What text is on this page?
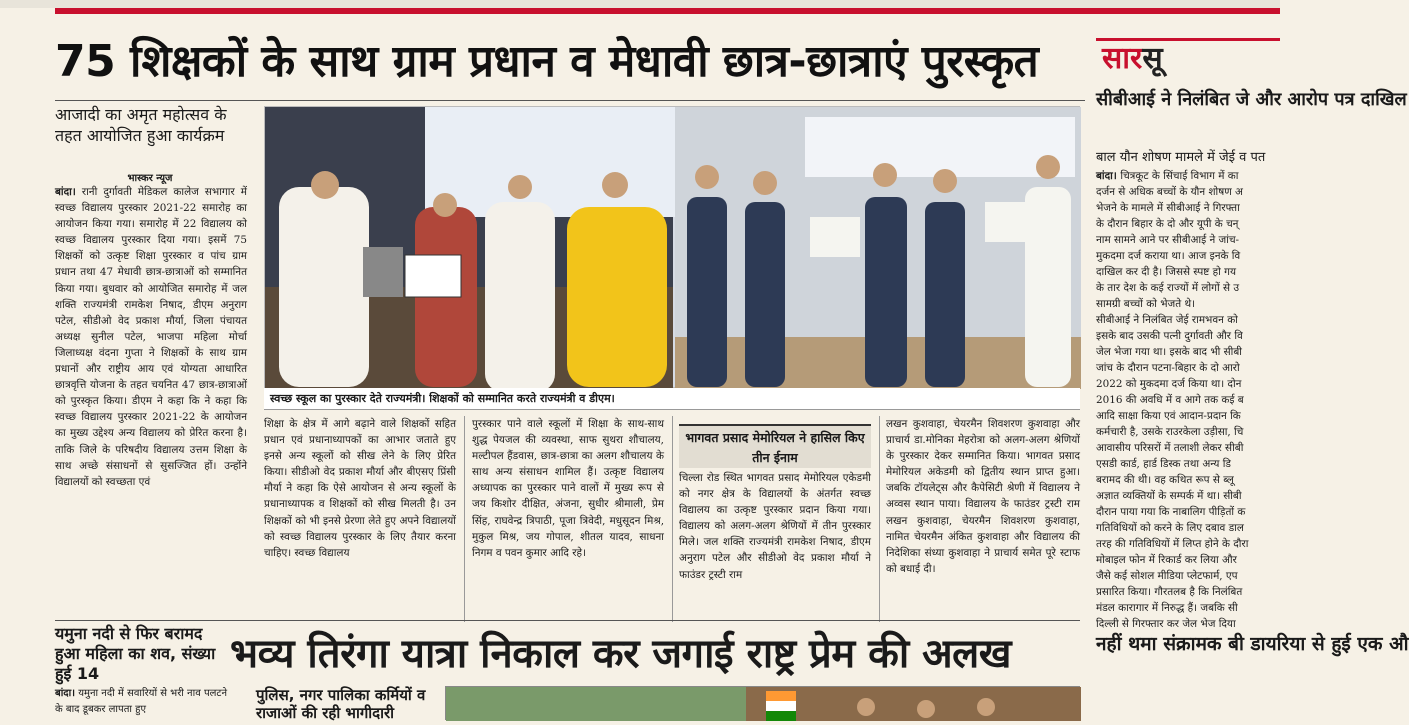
75 शिक्षकों के साथ ग्राम प्रधान व मेधावी छात्र-छात्राएं पुरस्कृत
आजादी का अमृत महोत्सव के तहत आयोजित हुआ कार्यक्रम
भास्कर न्यूज
बांदा। रानी दुर्गावती मेडिकल कालेज सभागार में स्वच्छ विद्यालय पुरस्कार 2021-22 समारोह का आयोजन किया गया। समारोह में 22 विद्यालय को स्वच्छ विद्यालय पुरस्कार दिया गया। इसमें 75 शिक्षकों को उत्कृष्ट शिक्षा पुरस्कार व पांच ग्राम प्रधान तथा 47 मेधावी छात्र-छात्राओं को सम्मानित किया गया। बुधवार को आयोजित समारोह में जल शक्ति राज्यमंत्री रामकेश निषाद, डीएम अनुराग पटेल, सीडीओ वेद प्रकाश मौर्या, जिला पंचायत अध्यक्ष सुनील पटेल, भाजपा महिला मोर्चा जिलाध्यक्ष वंदना गुप्ता ने शिक्षकों के साथ ग्राम प्रधानों और राष्ट्रीय आय एवं योग्यता आधारित छात्रवृत्ति योजना के तहत चयनित 47 छात्र-छात्राओं को पुरस्कृत किया। डीएम ने कहा कि ने कहा कि स्वच्छ विद्यालय पुरस्कार 2021-22 के आयोजन का मुख्य उद्देश्य अन्य विद्यालय को प्रेरित करना है। ताकि जिले के परिषदीय विद्यालय उत्तम शिक्षा के साथ अच्छे संसाधनों से सुसज्जित हों। उन्होंने विद्यालयों को स्वच्छता एवं
स्वच्छ स्कूल का पुरस्कार देते राज्यमंत्री। शिक्षकों को सम्मानित करते राज्यमंत्री व डीएम।
शिक्षा के क्षेत्र में आगे बढ़ाने वाले शिक्षकों सहित प्रधान एवं प्रधानाध्यापकों का आभार जताते हुए इनसे अन्य स्कूलों को सीख लेने के लिए प्रेरित किया। सीडीओ वेद प्रकाश मौर्या और बीएसए प्रिंसी मौर्या ने कहा कि ऐसे आयोजन से अन्य स्कूलों के प्रधानाध्यापक व शिक्षकों को सीख मिलती है। उन शिक्षकों को भी इनसे प्रेरणा लेते हुए अपने विद्यालयों को स्वच्छ विद्यालय पुरस्कार के लिए तैयार करना चाहिए। स्वच्छ विद्यालय
पुरस्कार पाने वाले स्कूलों में शिक्षा के साथ-साथ शुद्ध पेयजल की व्यवस्था, साफ सुथरा शौचालय, मल्टीपल हैंडवास, छात्र-छात्रा का अलग शौचालय के साथ अन्य संसाधन शामिल हैं। उत्कृष्ट विद्यालय अध्यापक का पुरस्कार पाने वालों में मुख्य रूप से जय किशोर दीक्षित, अंजना, सुधीर श्रीमाली, प्रेम सिंह, राघवेन्द्र त्रिपाठी, पूजा त्रिवेदी, मधुसूदन मिश्र, मुकुल मिश्र, जय गोपाल, शीतल यादव, साधना निगम व पवन कुमार आदि रहे।
भागवत प्रसाद मेमोरियल ने हासिल किए तीन ईनाम
चिल्ला रोड स्थित भागवत प्रसाद मेमोरियल एकेडमी को नगर क्षेत्र के विद्यालयों के अंतर्गत स्वच्छ विद्यालय का उत्कृष्ट पुरस्कार प्रदान किया गया। विद्यालय को अलग-अलग श्रेणियों में तीन पुरस्कार मिले। जल शक्ति राज्यमंत्री रामकेश निषाद, डीएम अनुराग पटेल और सीडीओ वेद प्रकाश मौर्या ने फाउंडर ट्रस्टी राम
लखन कुशवाहा, चेयरमैन शिवशरण कुशवाहा और प्राचार्य डा.मोनिका मेहरोत्रा को अलग-अलग श्रेणियों के पुरस्कार देकर सम्मानित किया। भागवत प्रसाद मेमोरियल अकेडमी को द्वितीय स्थान प्राप्त हुआ। जबकि टॉयलेट्स और कैपेसिटी श्रेणी में विद्यालय ने अव्वस स्थान पाया। विद्यालय के फाउंडर ट्रस्टी राम लखन कुशवाहा, चेयरमैन शिवशरण कुशवाहा, नामित चेयरमैन अंकित कुशवाहा और विद्यालय की निदेशिका संध्या कुशवाहा ने प्राचार्य समेत पूरे स्टाफ को बधाई दी।
यमुना नदी से फिर बरामद हुआ महिला का शव, संख्या हुई 14
बांदा। यमुना नदी में सवारियों से भरी नाव पलटने के बाद डूबकर लापता हुए
भव्य तिरंगा यात्रा निकाल कर जगाई राष्ट्र प्रेम की अलख
पुलिस, नगर पालिका कर्मियों व राजाओं की रही भागीदारी
सारसू
सीबीआई ने निलंबित जे और आरोप पत्र दाखिल
बाल यौन शोषण मामले में जेई व पत
बांदा। चित्रकूट के सिंचाई विभाग में का
दर्जन से अधिक बच्चों के यौन शोषण अ
भेजने के मामले में सीबीआई ने गिरफ्ता
के दौरान बिहार के दो और यूपी के चन्
नाम सामने आने पर सीबीआई ने जांच-
मुकदमा दर्ज कराया था। आज इनके वि
दाखिल कर दी है। जिससे स्पष्ट हो गय
के तार देश के कई राज्यों में लोगों से उ
सामग्री बच्चों को भेजते थे।
सीबीआई ने निलंबित जेई रामभवन को
इसके बाद उसकी पत्नी दुर्गावती और वि
जेल भेजा गया था। इसके बाद भी सीबी
जांच के दौरान पटना-बिहार के दो आरो
2022 को मुकदमा दर्ज किया था। दोन
2016 की अवधि में व आगे तक कई ब
आदि साक्षा किया एवं आदान-प्रदान कि
कर्मचारी है, उसके राउरकेला उड़ीसा, चि
आवासीय परिसरों में तलाशी लेकर सीबी
एसडी कार्ड, हार्ड डिस्क तथा अन्य डि
बरामद की थी। वह कथित रूप से ब्लू
अज्ञात व्यक्तियों के सम्पर्क में था। सीबी
दौरान पाया गया कि नाबालिग पीड़ितों क
गतिविधियों को करने के लिए दबाव डाल
तरह की गतिविधियों में लिप्त होने के दौरा
मोबाइल फोन में रिकार्ड कर लिया और
जैसे कई सोशल मीडिया प्लेटफार्म, एप
प्रसारित किया। गौरतलब है कि निलंबित
मंडल कारागार में निरुद्ध हैं। जबकि सी
दिल्ली से गिरफ्तार कर जेल भेज दिया
नहीं थमा संक्रामक बी डायरिया से हुई एक औ
